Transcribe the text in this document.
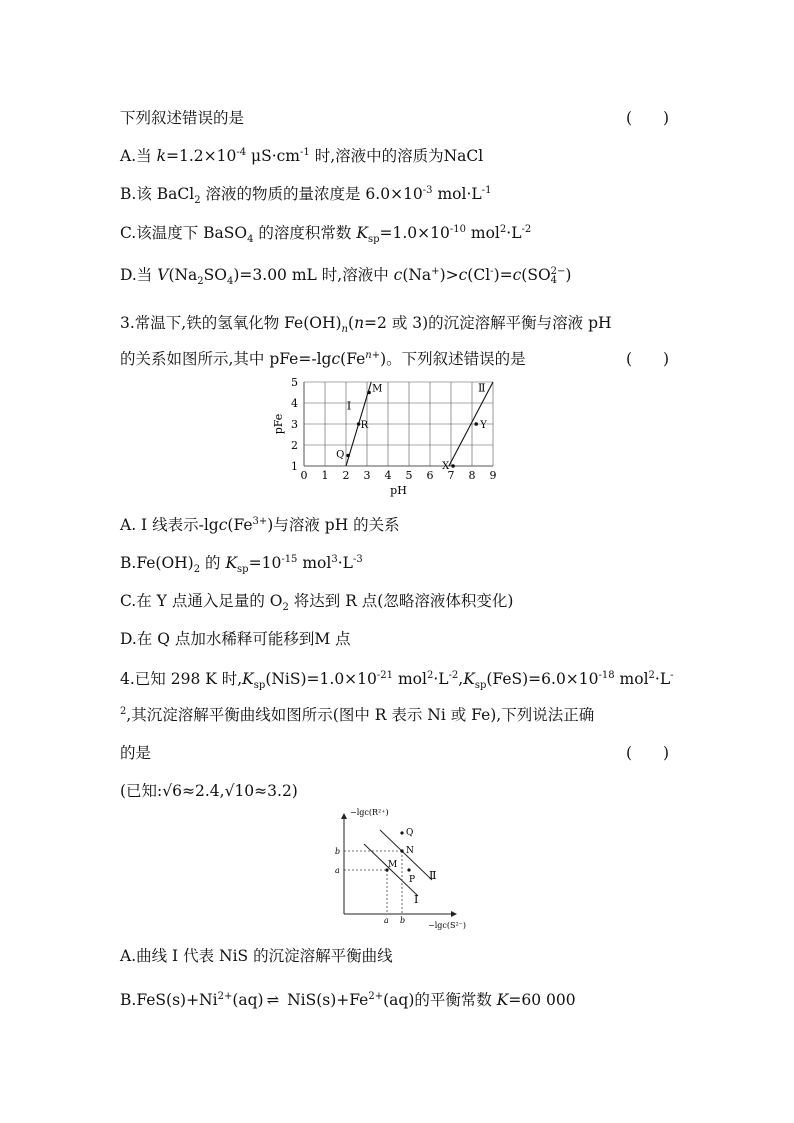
下列叙述错误的是	(　　)
A.当 $k=1.2\times 10^{-4}$ $\mu S\cdot cm^{-1}$ 时,溶液中的溶质为NaCl
B.该 BaCl$_2$ 溶液的物质的量浓度是 $6.0\times 10^{-3}$ $mol\cdot L^{-1}$
C.该温度下 BaSO$_4$ 的溶度积常数 $K_{sp}=1.0\times 10^{-10}$ $mol^2\cdot L^{-2}$
D.当 $V(Na_2SO_4)=3.00$ mL 时,溶液中 c(Na+)>c(Cl-)=c(SO 2−
4 )
3.常温下,铁的氢氧化物 $Fe(OH)_n(n=2$ 或 3)的沉淀溶解平衡与溶液 pH
的关系如图所示,其中 $pFe=-\lg c(Fe^{n+})$。下列叙述错误的是	(　　)
Ⅰ
Ⅱ
M
R
Q
Y
X
0 1 2 3 4 5 6 7 8 9
1
2
3
4
5
pH
pFe
A. Ⅰ 线表示$-\lg c(Fe^{3+})$与溶液 pH 的关系
$B.Fe(OH)_2$ 的 $K_{sp}=10^{-15}$ $mol^3\cdot L^{-3}$
C.在 Y 点通入足量的 $O_2$ 将达到 R 点(忽略溶液体积变化)
D.在 Q 点加水稀释可能移到M 点
4.已知 298 K 时$,K_{sp}(NiS)=1.0\times 10^{-21}$ $mol^2\cdot L^{-2},K_{sp}(FeS)=6.0\times 10^{-18}$ mol$^2$·L-
$^2$,其沉淀溶解平衡曲线如图所示(图中 R 表示 Ni 或 Fe),下列说法正确
的是	(　　)
(已知:√6≈2.4,√10≈3.2)
−lgc(R²⁺)
−lgc(S²⁻)
Ⅰ
Ⅱ
b
a
a b
Q
N
M
P
A.曲线 Ⅰ 代表 NiS 的沉淀溶解平衡曲线
$B.FeS(s)+Ni^{2+}(aq)$ ⇌ $NiS(s)+Fe^{2+}(aq)$的平衡常数 K=60 000
